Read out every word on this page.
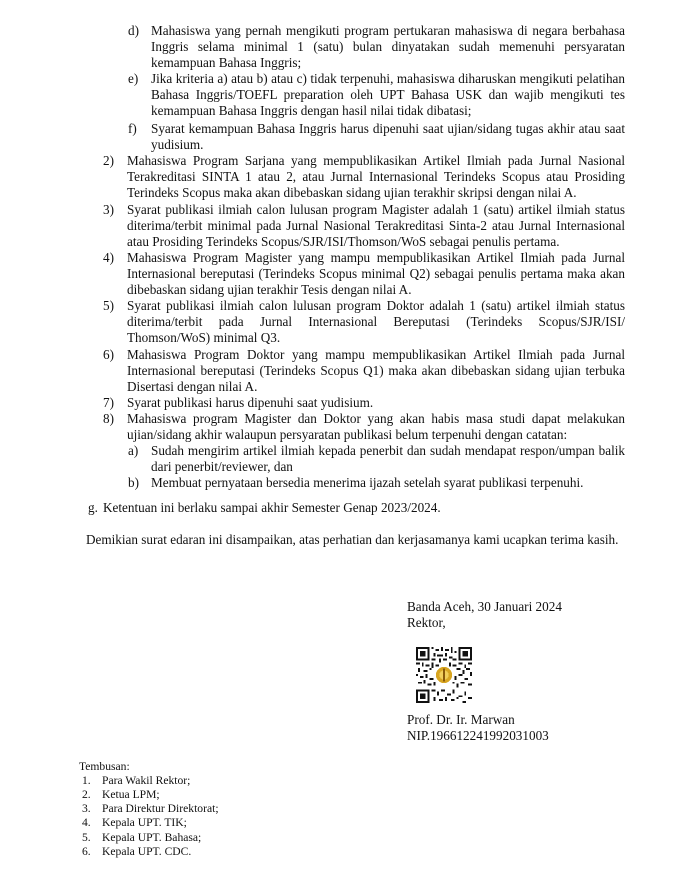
d) Mahasiswa yang pernah mengikuti program pertukaran mahasiswa di negara berbahasa Inggris selama minimal 1 (satu) bulan dinyatakan sudah memenuhi persyaratan kemampuan Bahasa Inggris;

e) Jika kriteria a) atau b) atau c) tidak terpenuhi, mahasiswa diharuskan mengikuti pelatihan Bahasa Inggris/TOEFL preparation oleh UPT Bahasa USK dan wajib mengikuti tes kemampuan Bahasa Inggris dengan hasil nilai tidak dibatasi;

f) Syarat kemampuan Bahasa Inggris harus dipenuhi saat ujian/sidang tugas akhir atau saat yudisium.

2) Mahasiswa Program Sarjana yang mempublikasikan Artikel Ilmiah pada Jurnal Nasional Terakreditasi SINTA 1 atau 2, atau Jurnal Internasional Terindeks Scopus atau Prosiding Terindeks Scopus maka akan dibebaskan sidang ujian terakhir skripsi dengan nilai A.

3) Syarat publikasi ilmiah calon lulusan program Magister adalah 1 (satu) artikel ilmiah status diterima/terbit minimal pada Jurnal Nasional Terakreditasi Sinta-2 atau Jurnal Internasional atau Prosiding Terindeks Scopus/SJR/ISI/Thomson/WoS sebagai penulis pertama.

4) Mahasiswa Program Magister yang mampu mempublikasikan Artikel Ilmiah pada Jurnal Internasional bereputasi (Terindeks Scopus minimal Q2) sebagai penulis pertama maka akan dibebaskan sidang ujian terakhir Tesis dengan nilai A.

5) Syarat publikasi ilmiah calon lulusan program Doktor adalah 1 (satu) artikel ilmiah status diterima/terbit pada Jurnal Internasional Bereputasi (Terindeks Scopus/SJR/ISI/ Thomson/WoS) minimal Q3.

6) Mahasiswa Program Doktor yang mampu mempublikasikan Artikel Ilmiah pada Jurnal Internasional bereputasi (Terindeks Scopus Q1) maka akan dibebaskan sidang ujian terbuka Disertasi dengan nilai A.

7) Syarat publikasi harus dipenuhi saat yudisium.

8) Mahasiswa program Magister dan Doktor yang akan habis masa studi dapat melakukan ujian/sidang akhir walaupun persyaratan publikasi belum terpenuhi dengan catatan:

a) Sudah mengirim artikel ilmiah kepada penerbit dan sudah mendapat respon/umpan balik dari penerbit/reviewer, dan

b) Membuat pernyataan bersedia menerima ijazah setelah syarat publikasi terpenuhi.

g. Ketentuan ini berlaku sampai akhir Semester Genap 2023/2024.

Demikian surat edaran ini disampaikan, atas perhatian dan kerjasamanya kami ucapkan terima kasih.

Banda Aceh, 30 Januari 2024

Rektor,

Prof. Dr. Ir. Marwan

NIP.196612241992031003

Tembusan:
1. Para Wakil Rektor;
2. Ketua LPM;
3. Para Direktur Direktorat;
4. Kepala UPT. TIK;
5. Kepala UPT. Bahasa;
6. Kepala UPT. CDC.
